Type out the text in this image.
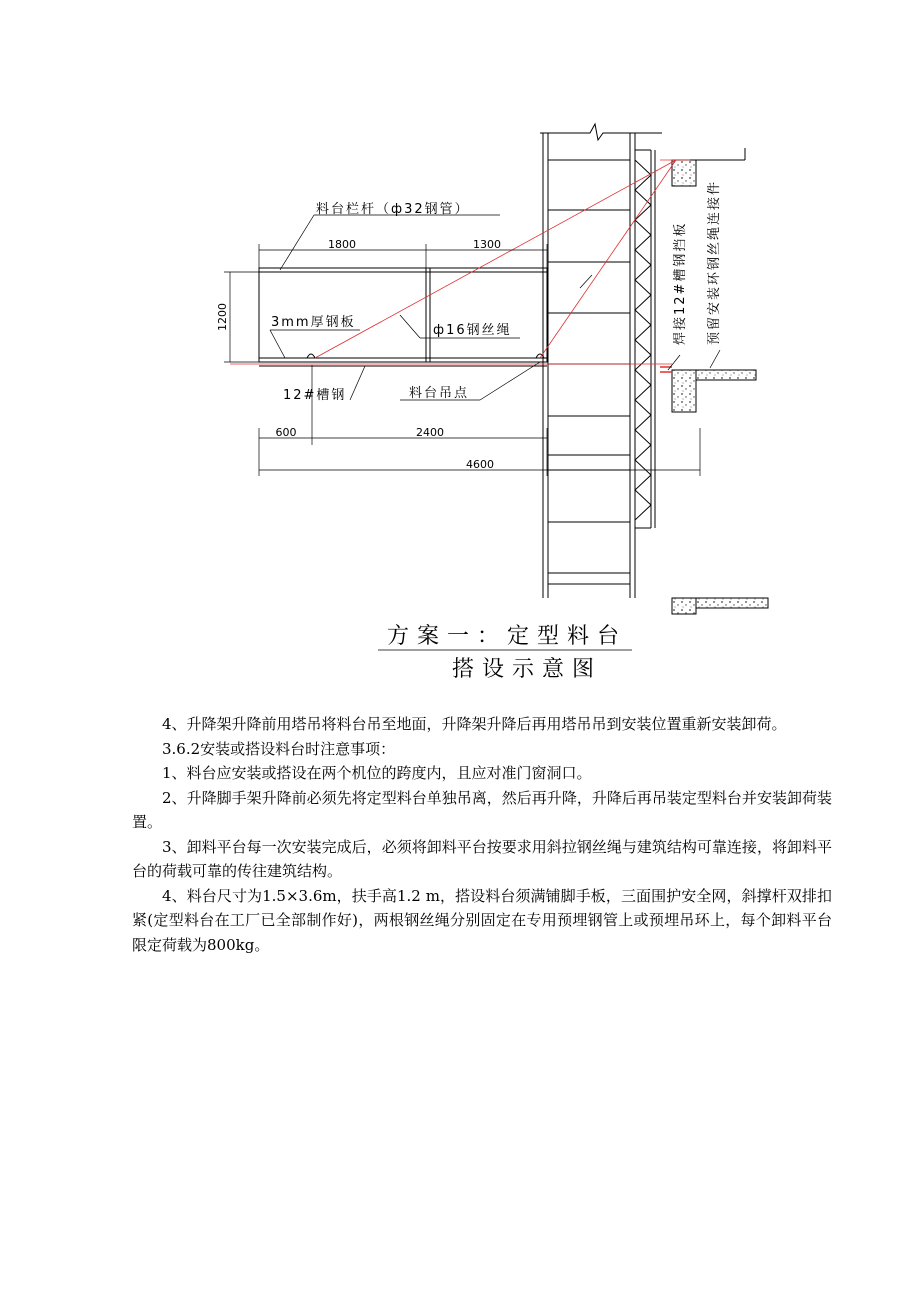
1800	1300
1200
600	2400
4600
料台栏杆（ф32钢管）
3mm厚钢板
ф16钢丝绳
12#槽钢	料台吊点
焊接12#槽钢挡板 预留安装环钢丝绳连接件
方案一：定型料台
搭设示意图

4、升降架升降前用塔吊将料台吊至地面，升降架升降后再用塔吊吊到安装位置重新安装卸荷。

3.6.2安装或搭设料台时注意事项：

1、料台应安装或搭设在两个机位的跨度内，且应对准门窗洞口。

2、升降脚手架升降前必须先将定型料台单独吊离，然后再升降，升降后再吊装定型料台并安装卸荷装置。

3、卸料平台每一次安装完成后，必须将卸料平台按要求用斜拉钢丝绳与建筑结构可靠连接，将卸料平台的荷载可靠的传往建筑结构。

4、料台尺寸为1.5×3.6m，扶手高1.2 m，搭设料台须满铺脚手板，三面围护安全网，斜撑杆双排扣紧(定型料台在工厂已全部制作好)，两根钢丝绳分别固定在专用预埋钢管上或预埋吊环上，每个卸料平台限定荷载为800kg。
